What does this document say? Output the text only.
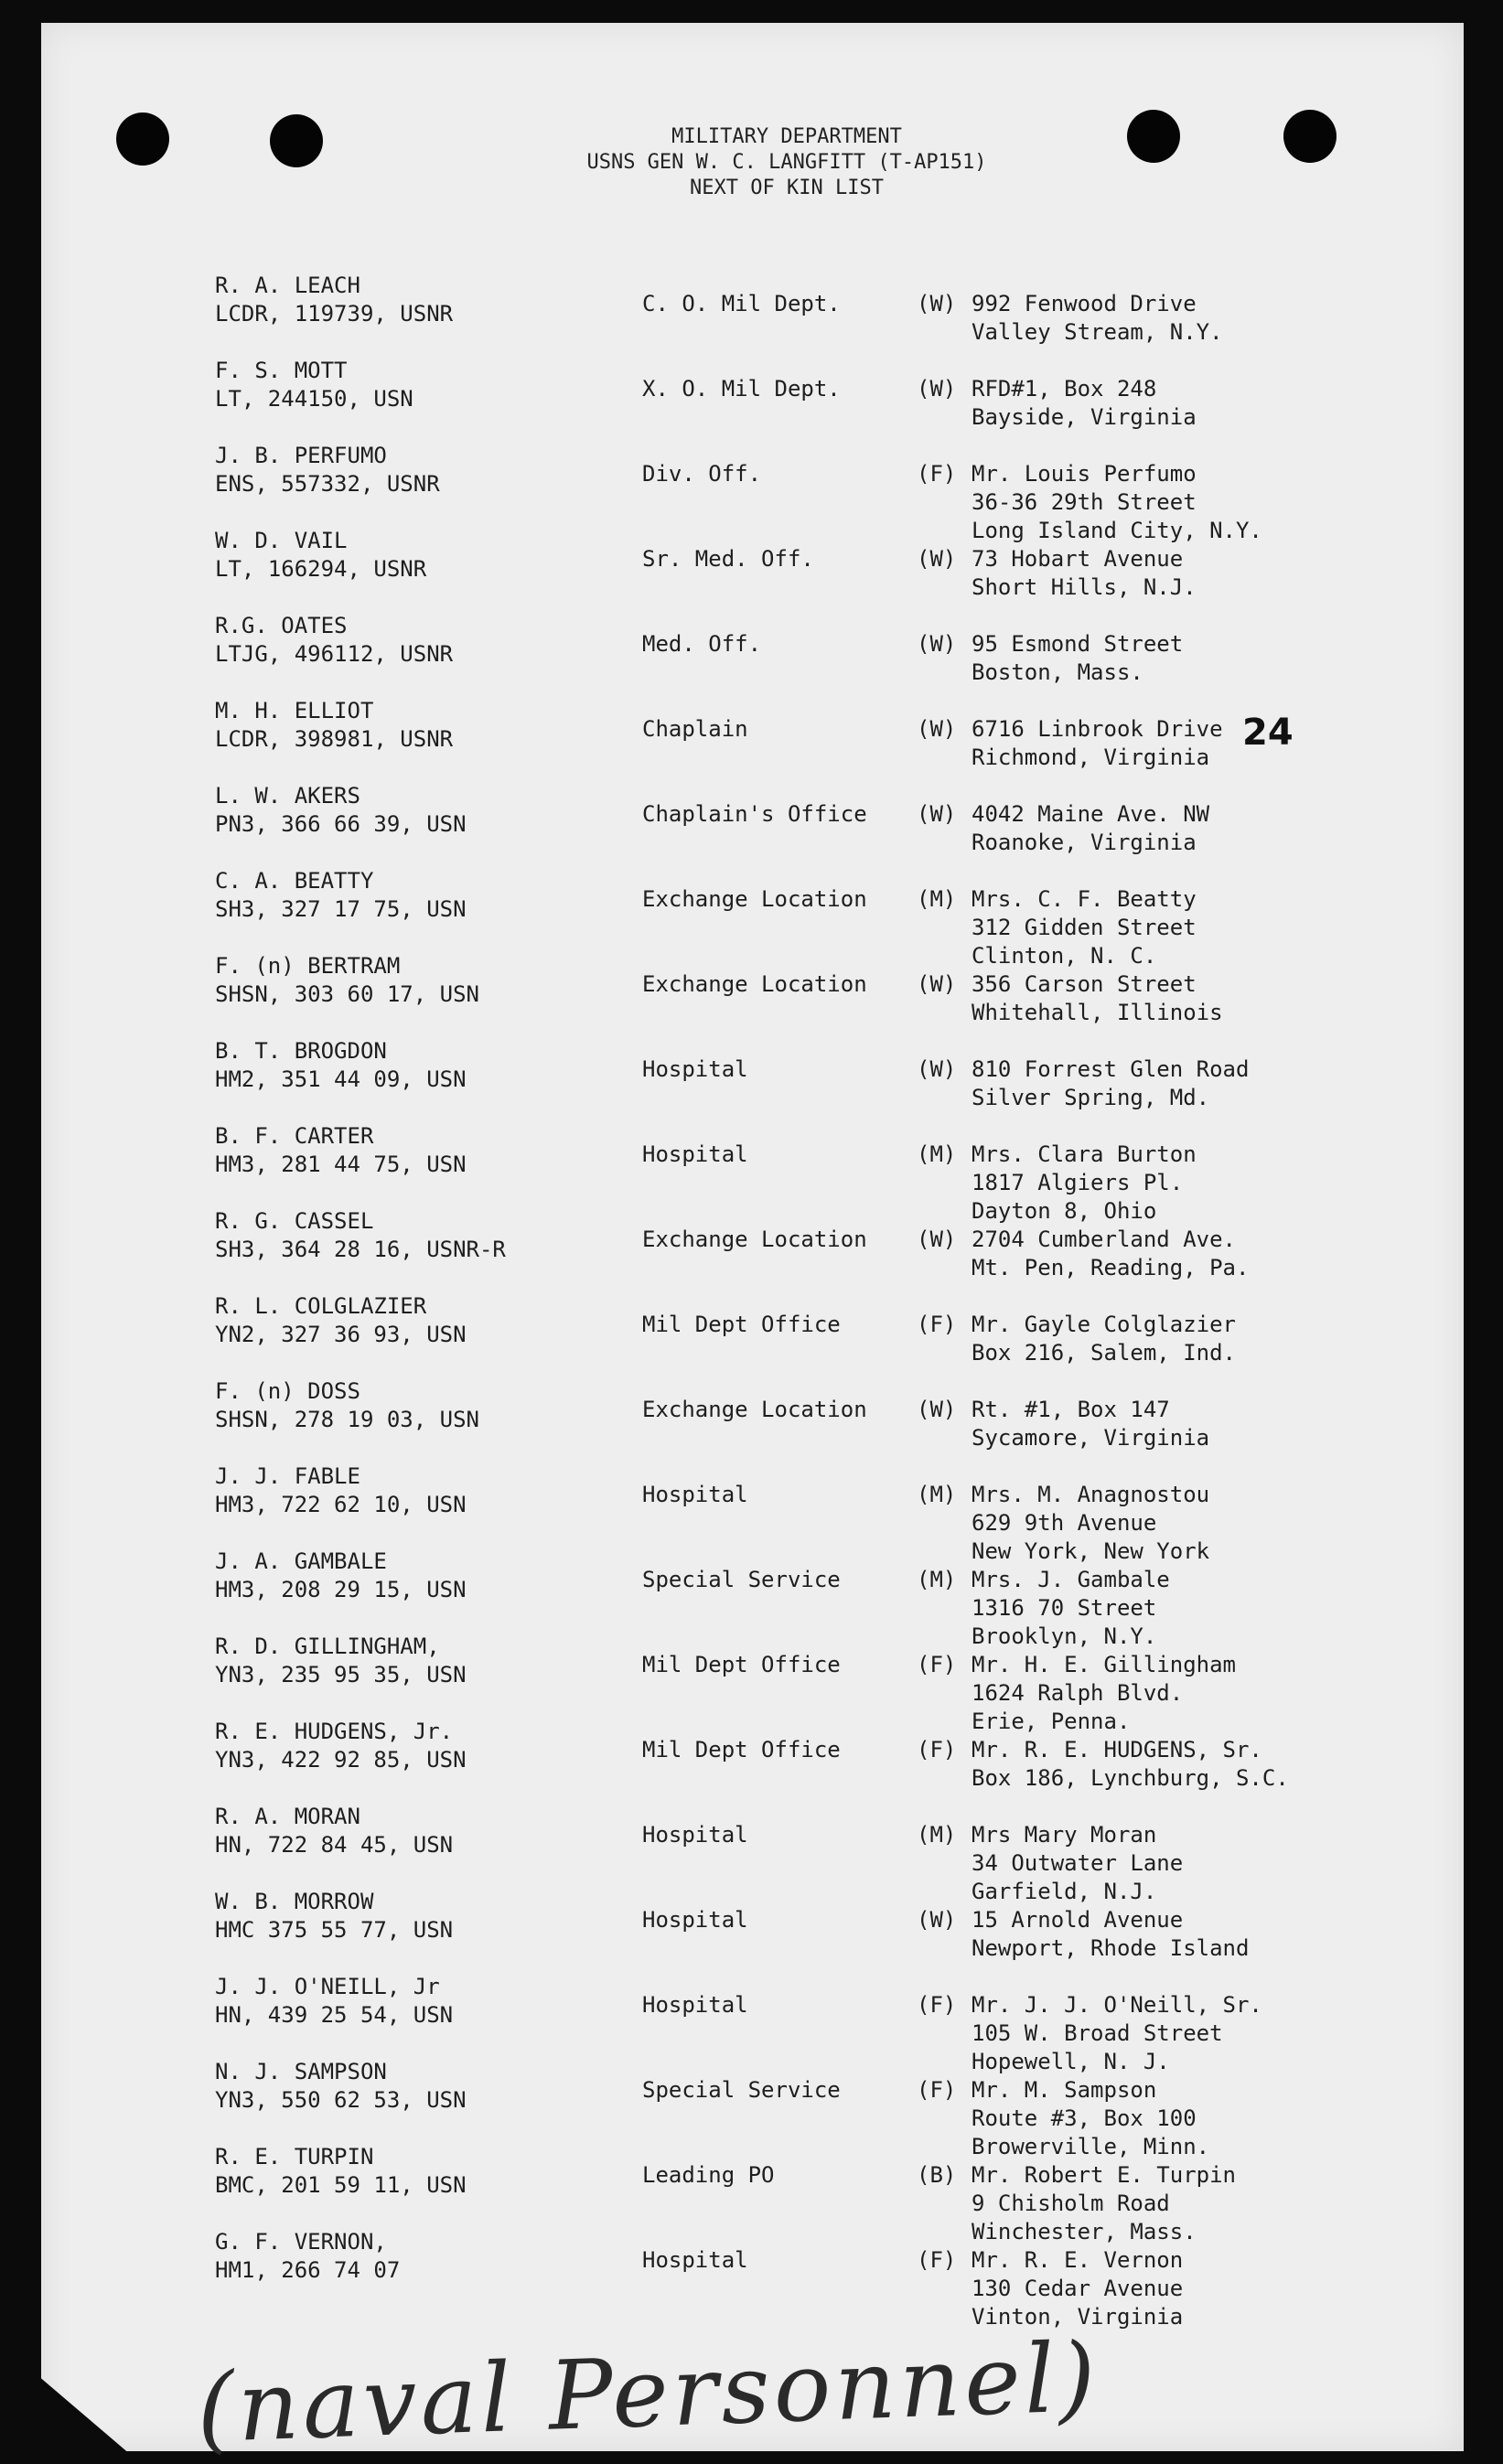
MILITARY DEPARTMENT
USNS GEN W. C. LANGFITT (T-AP151)
NEXT OF KIN LIST
R. A. LEACH
LCDR, 119739, USNR	C. O. Mil Dept.	(W) 992 Fenwood Drive
Valley Stream, N.Y.
F. S. MOTT
LT, 244150, USN	X. O. Mil Dept.	(W) RFD#1, Box 248
Bayside, Virginia
J. B. PERFUMO
ENS, 557332, USNR	Div. Off.	(F) Mr. Louis Perfumo
36-36 29th Street
Long Island City, N.Y.
W. D. VAIL
LT, 166294, USNR	Sr. Med. Off.	(W) 73 Hobart Avenue
Short Hills, N.J.
R.G. OATES
LTJG, 496112, USNR	Med. Off.	(W) 95 Esmond Street
Boston, Mass.
M. H. ELLIOT
LCDR, 398981, USNR	Chaplain	(W) 6716 Linbrook Drive
Richmond, Virginia
L. W. AKERS
PN3, 366 66 39, USN	Chaplain's Office (W) 4042 Maine Ave. NW
Roanoke, Virginia
C. A. BEATTY
SH3, 327 17 75, USN	Exchange Location (M) Mrs. C. F. Beatty
312 Gidden Street
Clinton, N. C.
F. (n) BERTRAM
SHSN, 303 60 17, USN	Exchange Location (W) 356 Carson Street
Whitehall, Illinois
B. T. BROGDON
HM2, 351 44 09, USN	Hospital	(W) 810 Forrest Glen Road
Silver Spring, Md.
B. F. CARTER
HM3, 281 44 75, USN	Hospital	(M) Mrs. Clara Burton
1817 Algiers Pl.
Dayton 8, Ohio
R. G. CASSEL
SH3, 364 28 16, USNR-R	Exchange Location (W) 2704 Cumberland Ave.
Mt. Pen, Reading, Pa.
R. L. COLGLAZIER
YN2, 327 36 93, USN	Mil Dept Office	(F) Mr. Gayle Colglazier
Box 216, Salem, Ind.
F. (n) DOSS
SHSN, 278 19 03, USN	Exchange Location (W) Rt. #1, Box 147
Sycamore, Virginia
J. J. FABLE
HM3, 722 62 10, USN	Hospital	(M) Mrs. M. Anagnostou
629 9th Avenue
New York, New York
J. A. GAMBALE
HM3, 208 29 15, USN	Special Service	(M) Mrs. J. Gambale
1316 70 Street
Brooklyn, N.Y.
R. D. GILLINGHAM,
YN3, 235 95 35, USN	Mil Dept Office	(F) Mr. H. E. Gillingham
1624 Ralph Blvd.
Erie, Penna.
R. E. HUDGENS, Jr.
YN3, 422 92 85, USN	Mil Dept Office	(F) Mr. R. E. HUDGENS, Sr.
Box 186, Lynchburg, S.C.
R. A. MORAN
HN, 722 84 45, USN	Hospital	(M) Mrs Mary Moran
34 Outwater Lane
Garfield, N.J.
W. B. MORROW
HMC 375 55 77, USN	Hospital	(W) 15 Arnold Avenue
Newport, Rhode Island
J. J. O'NEILL, Jr
HN, 439 25 54, USN	Hospital	(F) Mr. J. J. O'Neill, Sr.
105 W. Broad Street
Hopewell, N. J.
N. J. SAMPSON
YN3, 550 62 53, USN	Special Service	(F) Mr. M. Sampson
Route #3, Box 100
Browerville, Minn.
R. E. TURPIN
BMC, 201 59 11, USN	Leading PO	(B) Mr. Robert E. Turpin
9 Chisholm Road
Winchester, Mass.
G. F. VERNON,
HM1, 266 74 07	Hospital	(F) Mr. R. E. Vernon
130 Cedar Avenue
Vinton, Virginia
24
(naval Personnel)
